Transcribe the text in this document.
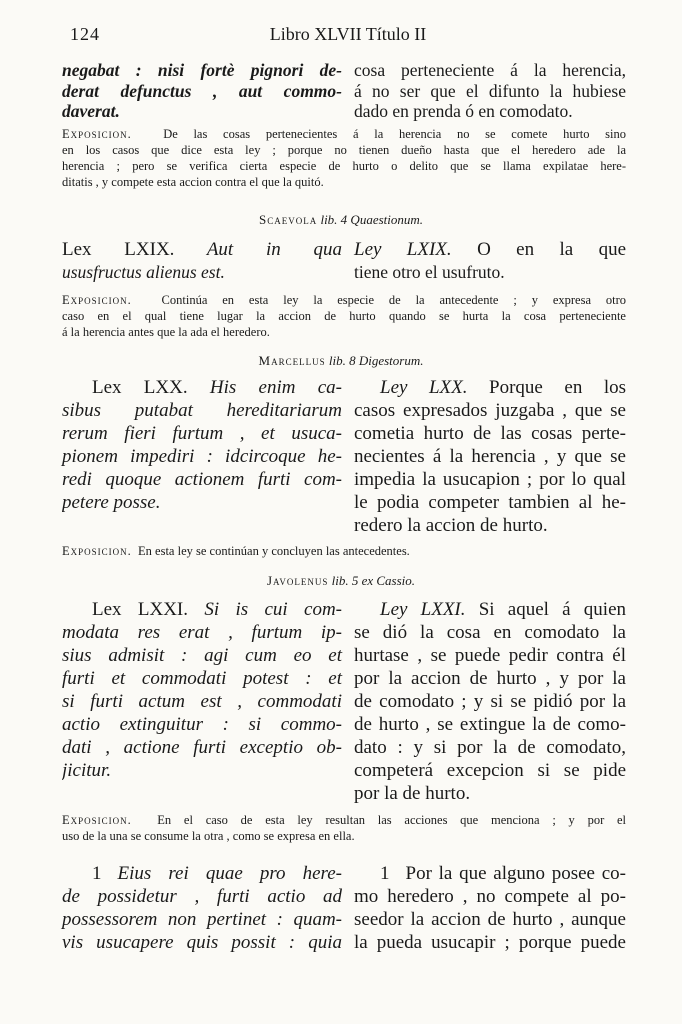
124	Libro XLVII Título II
negabat : nisi fortè pignori de-
derat defunctus , aut commo-
daverat.
cosa perteneciente á la herencia,
á no ser que el difunto la hubiese
dado en prenda ó en comodato.
Exposicion.	De las cosas pertenecientes á la herencia no se comete hurto sino
en los casos que dice esta ley ; porque no tienen dueño hasta que el heredero ade la
herencia ; pero se verifica cierta especie de hurto o delito que se llama expilatae here-
ditatis , y compete esta accion contra el que la quitó.
Scaevola lib. 4 Quaestionum.
Lex LXIX. Aut in qua
ususfructus alienus est.
Ley LXIX. O en la que
tiene otro el usufruto.
Exposicion. Continúa en esta ley la especie de la antecedente ; y expresa otro
caso en el qual tiene lugar la accion de hurto quando se hurta la cosa perteneciente
á la herencia antes que la ada el heredero.
Marcellus lib. 8 Digestorum.
Lex LXX. His enim ca-
sibus putabat hereditariarum
rerum fieri furtum , et usuca-
pionem impediri : idcircoque he-
redi quoque actionem furti com-
petere posse.
Ley LXX. Porque en los
casos expresados juzgaba , que se
cometia hurto de las cosas perte-
necientes á la herencia , y que se
impedia la usucapion ; por lo qual
le podia competer tambien al he-
redero la accion de hurto.
Exposicion. En esta ley se continúan y concluyen las antecedentes.
Javolenus lib. 5 ex Cassio.
Lex LXXI. Si is cui com-
modata res erat , furtum ip-
sius admisit : agi cum eo et
furti et commodati potest : et
si furti actum est , commodati
actio extinguitur : si commo-
dati , actione furti exceptio ob-
jicitur.
Ley LXXI. Si aquel á quien
se dió la cosa en comodato la
hurtase , se puede pedir contra él
por la accion de hurto , y por la
de comodato ; y si se pidió por la
de hurto , se extingue la de como-
dato : y si por la de comodato,
competerá excepcion si se pide
por la de hurto.
Exposicion. En el caso de esta ley resultan las acciones que menciona ; y por el
uso de la una se consume la otra , como se expresa en ella.
1 Eius rei quae pro here-
de possidetur , furti actio ad
possessorem non pertinet : quam-
vis usucapere quis possit : quia
1 Por la que alguno posee co-
mo heredero , no compete al po-
seedor la accion de hurto , aunque
la pueda usucapir ; porque puede
